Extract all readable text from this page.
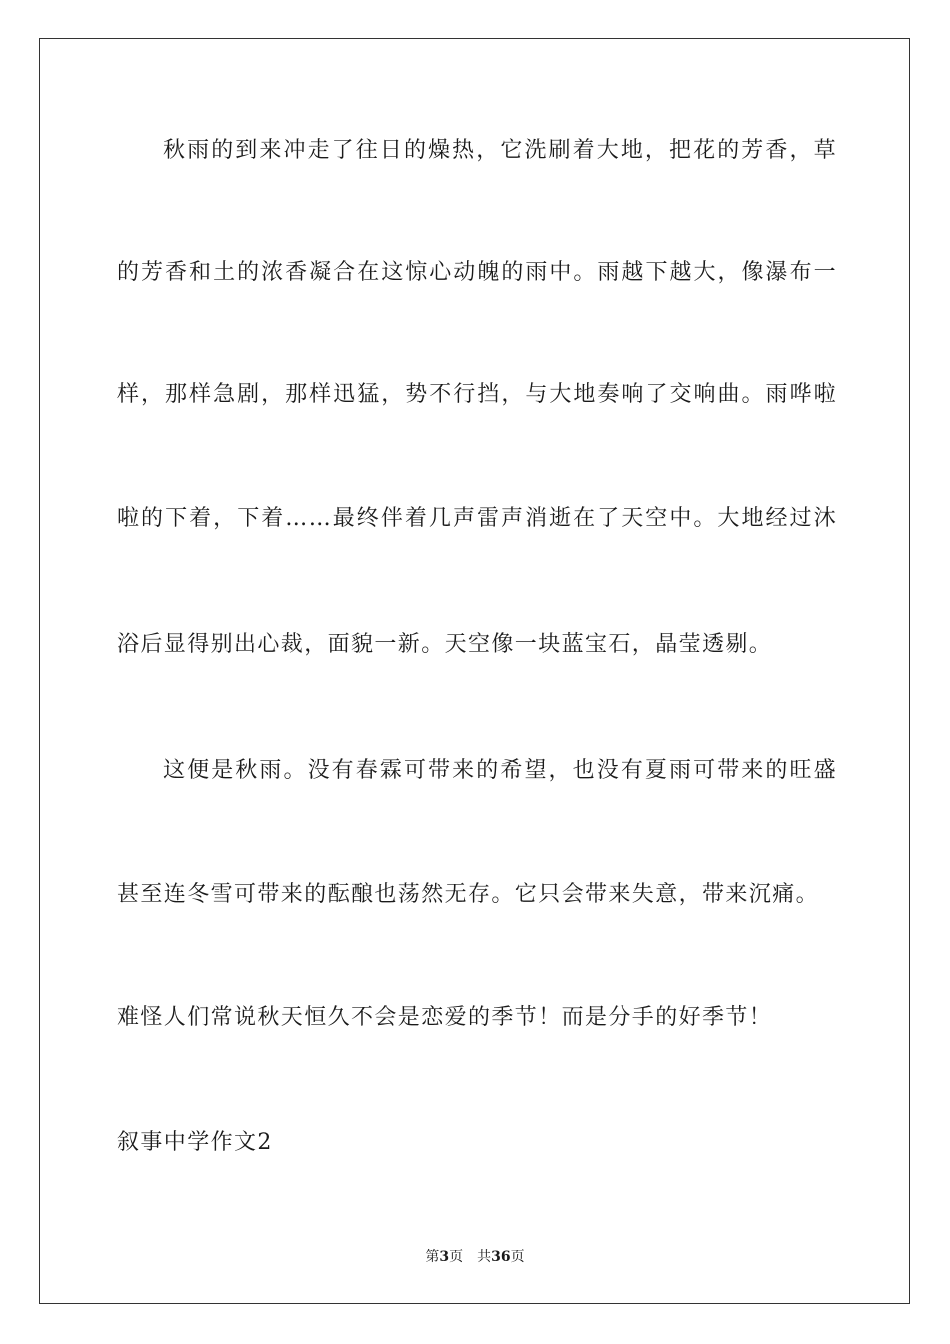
秋雨的到来冲走了往日的燥热，它洗刷着大地，把花的芳香，草
的芳香和土的浓香凝合在这惊心动魄的雨中。雨越下越大，像瀑布一
样，那样急剧，那样迅猛，势不行挡，与大地奏响了交响曲。雨哗啦
啦的下着，下着……最终伴着几声雷声消逝在了天空中。大地经过沐
浴后显得别出心裁，面貌一新。天空像一块蓝宝石，晶莹透剔。
这便是秋雨。没有春霖可带来的希望，也没有夏雨可带来的旺盛
甚至连冬雪可带来的酝酿也荡然无存。它只会带来失意，带来沉痛。
难怪人们常说秋天恒久不会是恋爱的季节！而是分手的好季节！
叙事中学作文2
第3页 共36页
